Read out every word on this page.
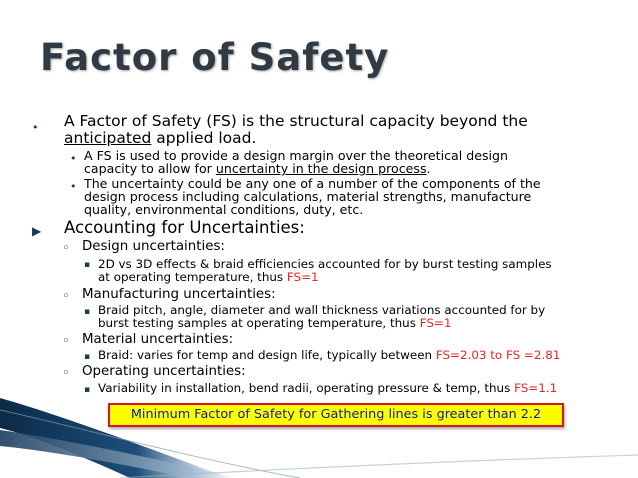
Factor of Safety
• A Factor of Safety (FS) is the structural capacity beyond the
anticipated applied load.
• A FS is used to provide a design margin over the theoretical design
capacity to allow for uncertainty in the design process.
• The uncertainty could be any one of a number of the components of the
design process including calculations, material strengths, manufacture
quality, environmental conditions, duty, etc.
▶ Accounting for Uncertainties:
◦ Design uncertainties:
▪ 2D vs 3D effects & braid efficiencies accounted for by burst testing samples
at operating temperature, thus FS=1
◦ Manufacturing uncertainties:
▪ Braid pitch, angle, diameter and wall thickness variations accounted for by
burst testing samples at operating temperature, thus FS=1
◦ Material uncertainties:
▪ Braid: varies for temp and design life, typically between FS=2.03 to FS =2.81
◦ Operating uncertainties:
▪ Variability in installation, bend radii, operating pressure & temp, thus FS=1.1
Minimum Factor of Safety for Gathering lines is greater than 2.2
